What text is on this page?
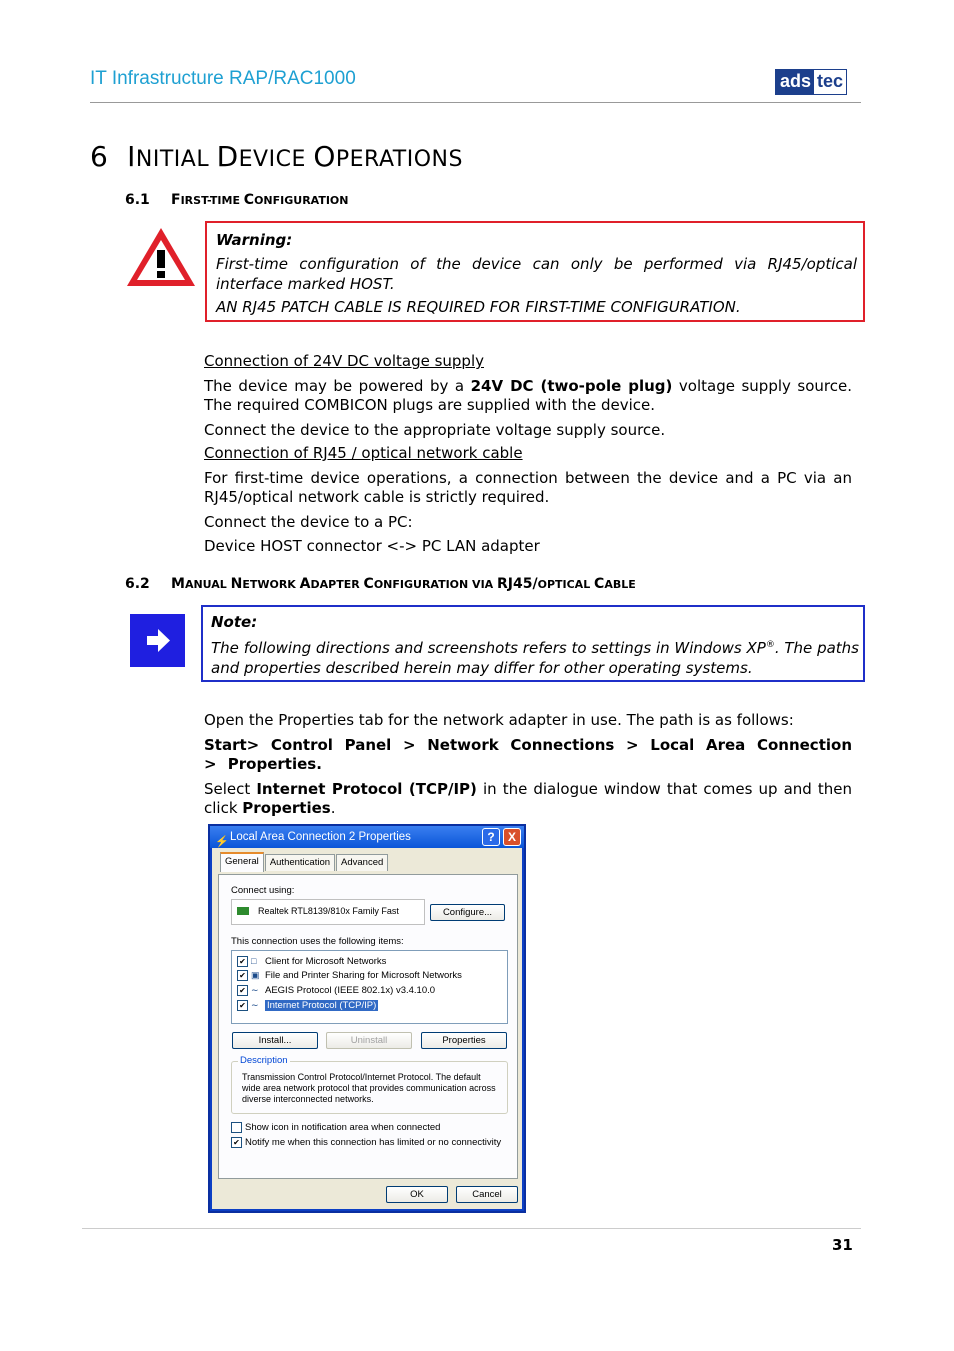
IT Infrastructure RAP/RAC1000	ads tec
6 INITIAL DEVICE OPERATIONS
6.1 FIRST-TIME CONFIGURATION

Warning:

First-time configuration of the device can only be performed via RJ45/optical interface marked HOST.

AN RJ45 PATCH CABLE IS REQUIRED FOR FIRST-TIME CONFIGURATION.

Connection of 24V DC voltage supply

The device may be powered by a 24V DC (two-pole plug) voltage supply source. The required COMBICON plugs are supplied with the device.

Connect the device to the appropriate voltage supply source.

Connection of RJ45 / optical network cable

For first-time device operations, a connection between the device and a PC via an RJ45/optical network cable is strictly required.

Connect the device to a PC:

Device HOST connector <-> PC LAN adapter

6.2 MANUAL NETWORK ADAPTER CONFIGURATION VIA RJ45/OPTICAL CABLE

Note:

The following directions and screenshots refers to settings in Windows XP®. The paths and properties described herein may differ for other operating systems.

Open the Properties tab for the network adapter in use. The path is as follows:

Start> Control Panel > Network Connections > Local Area Connection > Properties.

Select Internet Protocol (TCP/IP) in the dialogue window that comes up and then click Properties.

⚡ Local Area Connection 2 Properties	?	X
General	Authentication	Advanced
Connect using:
Realtek RTL8139/810x Family Fast	Configure...
This connection uses the following items:
✔ □ Client for Microsoft Networks
✔ ▣ File and Printer Sharing for Microsoft Networks
✔ ∼ AEGIS Protocol (IEEE 802.1x) v3.4.10.0
✔ ∼ Internet Protocol (TCP/IP)
Install...	Uninstall	Properties
Description
Transmission Control Protocol/Internet Protocol. The default wide area network protocol that provides communication across diverse interconnected networks.
Show icon in notification area when connected
✔ Notify me when this connection has limited or no connectivity
OK	Cancel
31
